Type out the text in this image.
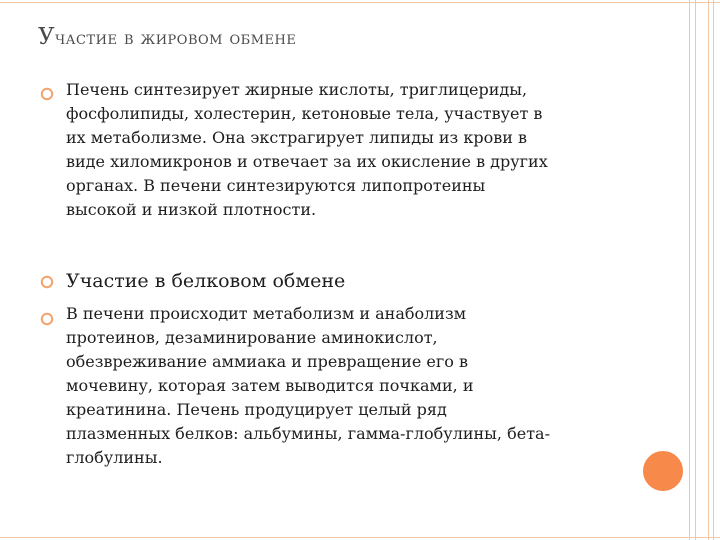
Участие в жировом обмене
Печень синтезирует жирные кислоты, триглицериды,
фосфолипиды, холестерин, кетоновые тела, участвует в
их метаболизме. Она экстрагирует липиды из крови в
виде хиломикронов и отвечает за их окисление в других
органах. В печени синтезируются липопротеины
высокой и низкой плотности.
Участие в белковом обмене
В печени происходит метаболизм и анаболизм
протеинов, дезаминирование аминокислот,
обезвреживание аммиака и превращение его в
мочевину, которая затем выводится почками, и
креатинина. Печень продуцирует целый ряд
плазменных белков: альбумины, гамма-глобулины, бета-
глобулины.
